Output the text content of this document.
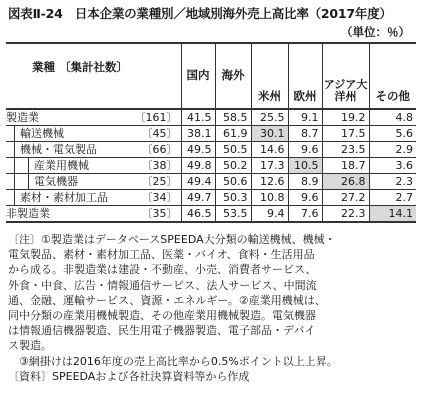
図表Ⅱ-24　日本企業の業種別／地域別海外売上高比率（2017年度）
（単位：％）
業種 〔集計社数〕	国内	海外	米州	欧州	アジア大洋州	その他

製造業 〔161〕	41.5	58.5	25.5	9.1	19.2	4.8

輸送機械 〔45〕	38.1	61.9	30.1	8.7	17.5	5.6

機械・電気製品 〔66〕	49.5	50.5	14.6	9.6	23.5	2.9

産業用機械 〔38〕	49.8	50.2	17.3	10.5	18.7	3.6

電気機器 〔25〕	49.4	50.6	12.6	8.9	26.8	2.3

素材・素材加工品 〔34〕	49.7	50.3	10.8	9.6	27.2	2.7

非製造業 〔35〕	46.5	53.5	9.4	7.6	22.3	14.1
〔注〕①製造業はデータベースSPEEDA大分類の輸送機械、機械・
電気製品、素材・素材加工品、医薬・バイオ、食料・生活用品
から成る。非製造業は建設・不動産、小売、消費者サービス、
外食・中食、広告・情報通信サービス、法人サービス、中間流
通、金融、運輸サービス、資源・エネルギー。②産業用機械は、
同中分類の産業用機械製造、その他産業用機械製造。電気機器
は情報通信機器製造、民生用電子機器製造、電子部品・デバイ
ス製造。
　③網掛けは2016年度の売上高比率から0.5%ポイント以上上昇。
〔資料〕SPEEDAおよび各社決算資料等から作成
